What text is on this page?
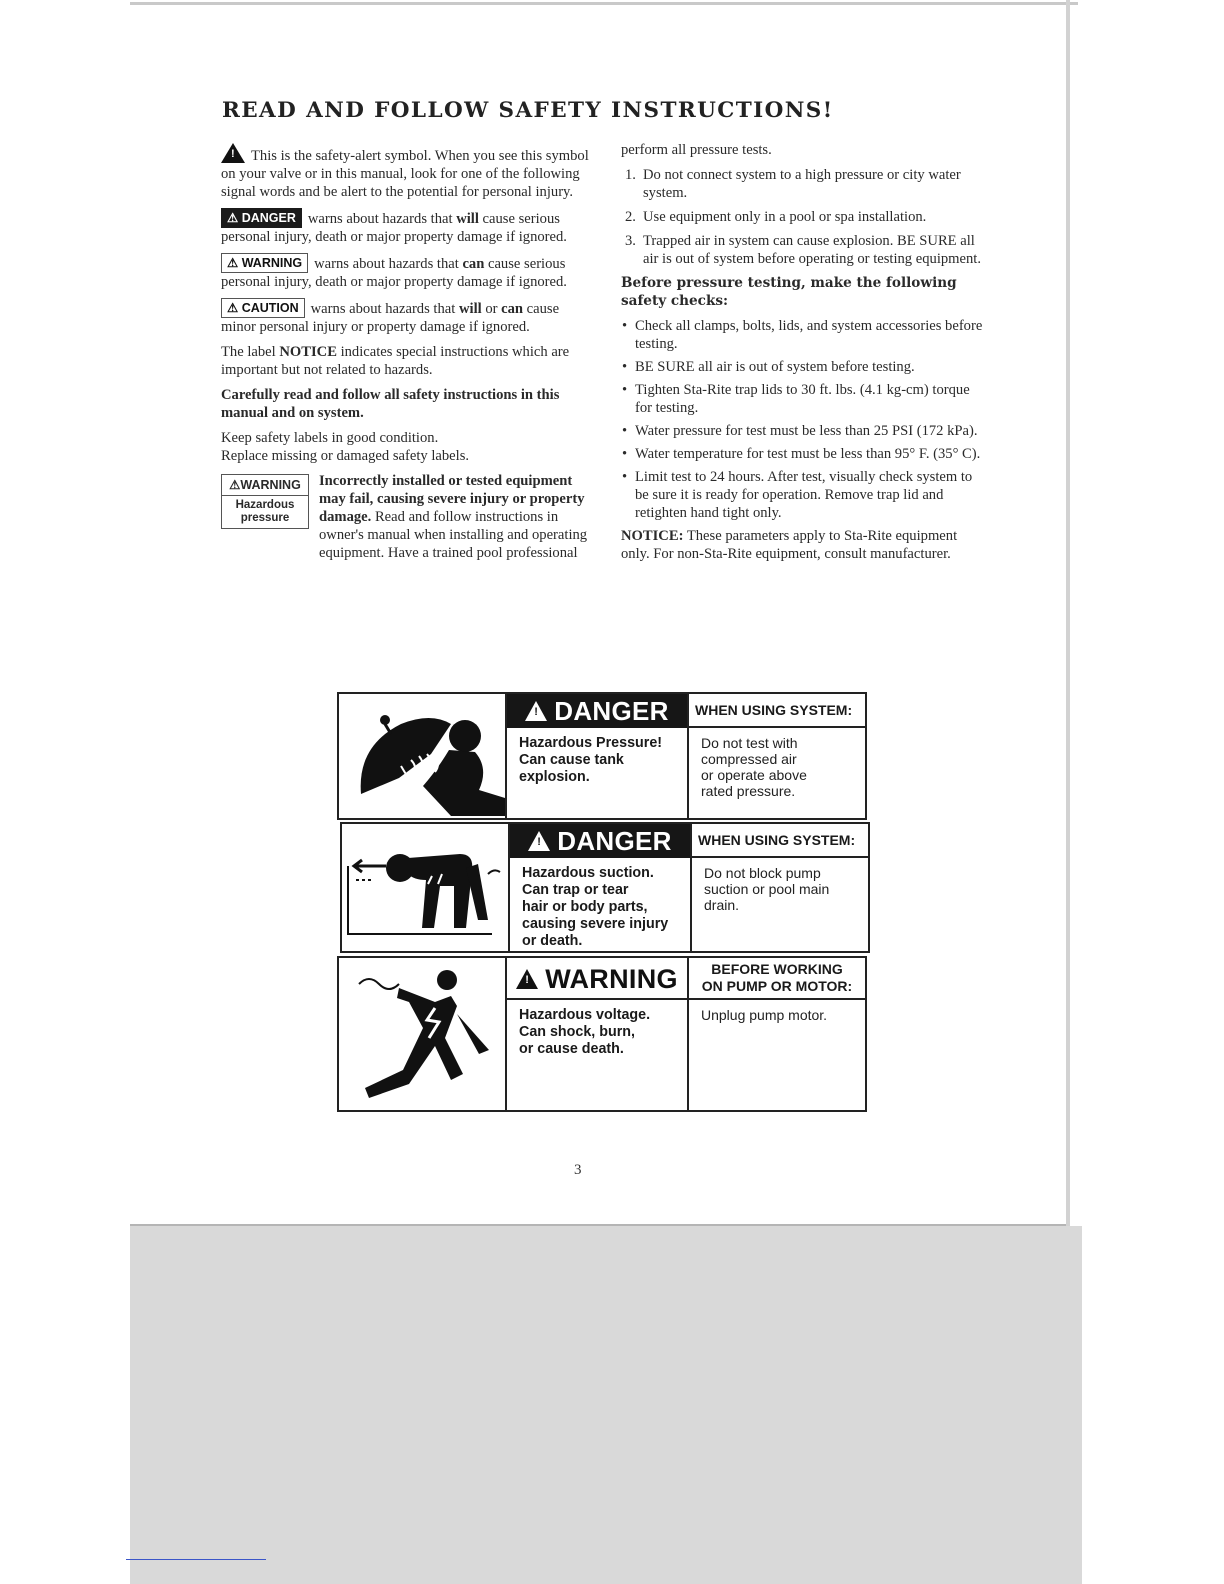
READ AND FOLLOW SAFETY INSTRUCTIONS!

!This is the safety-alert symbol. When you see this symbol on your valve or in this manual, look for one of the following signal words and be alert to the potential for personal injury.

⚠ DANGER warns about hazards that will cause serious personal injury, death or major property damage if ignored.

⚠ WARNING warns about hazards that can cause serious personal injury, death or major property damage if ignored.

⚠ CAUTION warns about hazards that will or can cause minor personal injury or property damage if ignored.

The label NOTICE indicates special instructions which are important but not related to hazards.

Carefully read and follow all safety instructions in this manual and on system.

Keep safety labels in good condition.

Replace missing or damaged safety labels.

⚠WARNING
Hazardous pressure
Incorrectly installed or tested equipment may fail, causing severe injury or property damage. Read and follow instructions in owner's manual when installing and operating equipment. Have a trained pool professional

perform all pressure tests.

1. Do not connect system to a high pressure or city water system.
2. Use equipment only in a pool or spa installation.
3. Trapped air in system can cause explosion. BE SURE all air is out of system before operating or testing equipment.

Before pressure testing, make the following safety checks:

• Check all clamps, bolts, lids, and system accessories before testing.
• BE SURE all air is out of system before testing.
• Tighten Sta-Rite trap lids to 30 ft. lbs. (4.1 kg-cm) torque for testing.
• Water pressure for test must be less than 25 PSI (172 kPa).
• Water temperature for test must be less than 95° F. (35° C).
• Limit test to 24 hours. After test, visually check system to be sure it is ready for operation. Remove trap lid and retighten hand tight only.

NOTICE: These parameters apply to Sta-Rite equipment only. For non-Sta-Rite equipment, consult manufacturer.

!DANGER
Hazardous Pressure!
Can cause tank
explosion.
WHEN USING SYSTEM:
Do not test with
compressed air
or operate above
rated pressure.
!DANGER
Hazardous suction.
Can trap or tear
hair or body parts,
causing severe injury
or death.
WHEN USING SYSTEM:
Do not block pump
suction or pool main
drain.
!WARNING
Hazardous voltage.
Can shock, burn,
or cause death.
BEFORE WORKING
ON PUMP OR MOTOR:
Unplug pump motor.
3
